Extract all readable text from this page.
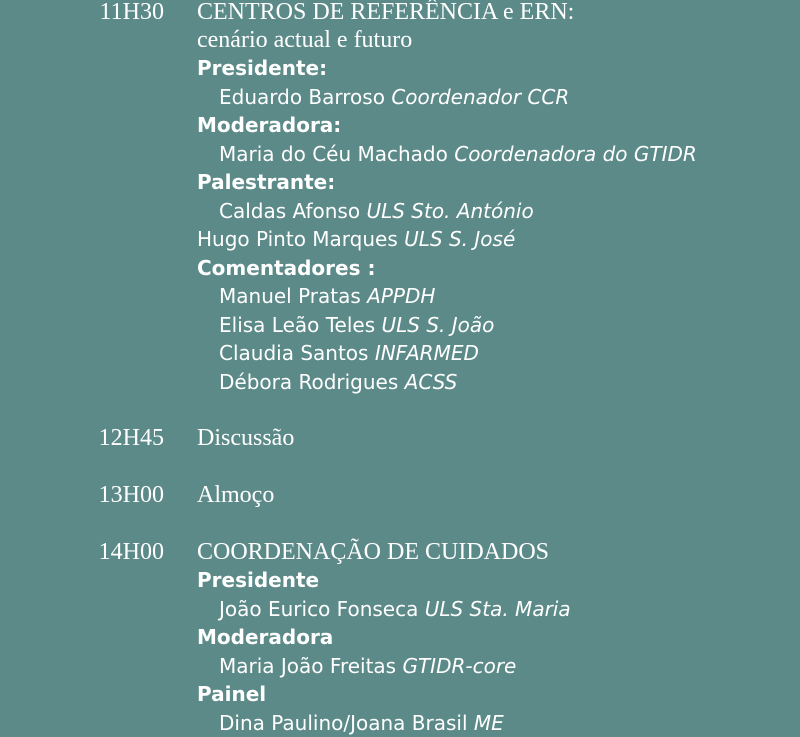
11H30 CENTROS DE REFERÊNCIA e ERN:
cenário actual e futuro
Presidente:
Eduardo Barroso Coordenador CCR
Moderadora:
Maria do Céu Machado Coordenadora do GTIDR
Palestrante:
Caldas Afonso ULS Sto. António
Hugo Pinto Marques ULS S. José
Comentadores :
Manuel Pratas APPDH
Elisa Leão Teles ULS S. João
Claudia Santos INFARMED
Débora Rodrigues ACSS
12H45 Discussão
13H00 Almoço
14H00 COORDENAÇÃO DE CUIDADOS
Presidente
João Eurico Fonseca ULS Sta. Maria
Moderadora
Maria João Freitas GTIDR-core
Painel
Dina Paulino/Joana Brasil ME
